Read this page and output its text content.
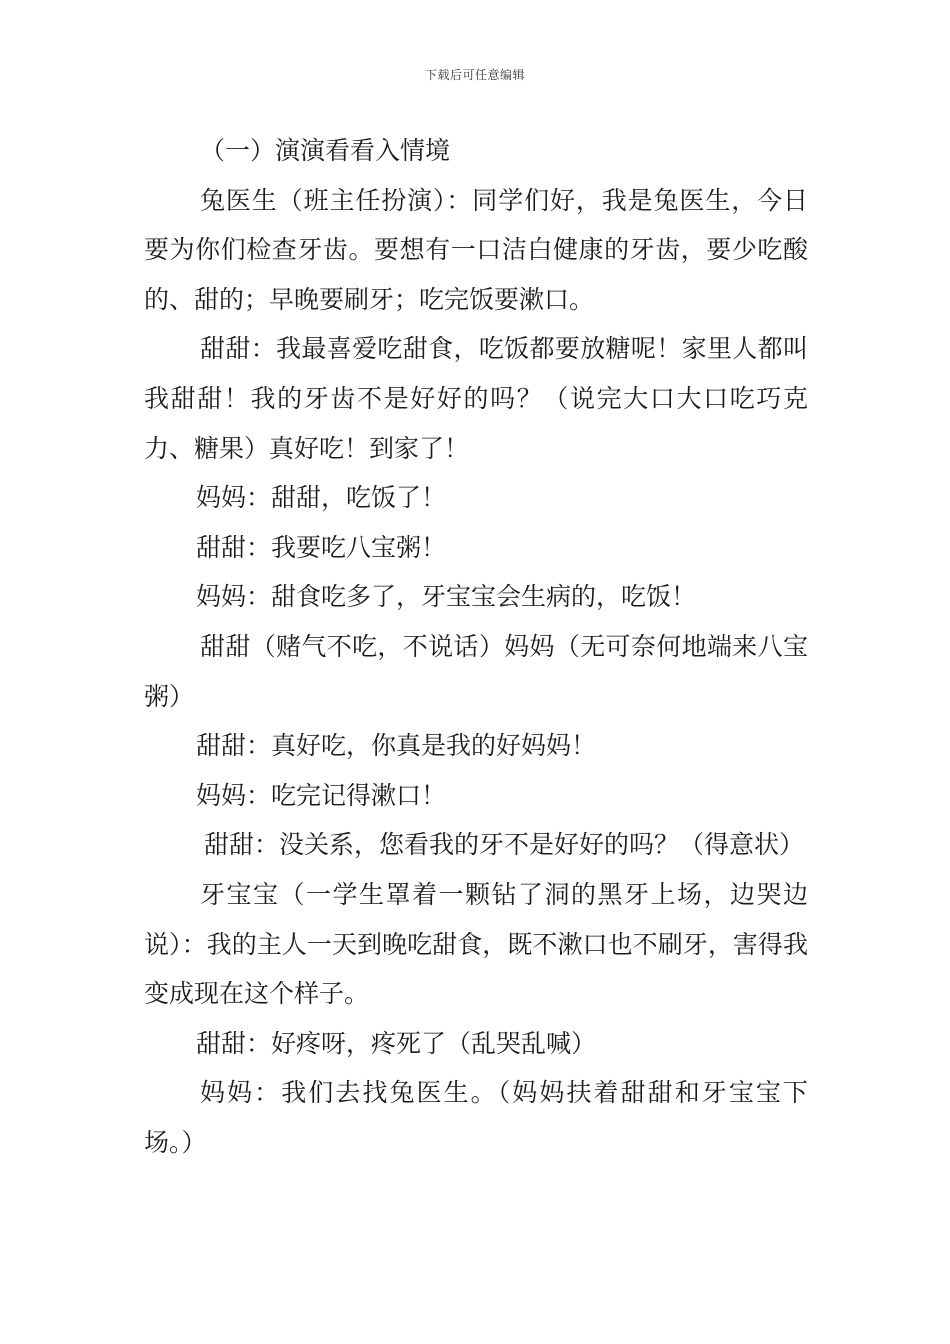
下载后可任意编辑

（一）演演看看入情境

兔医生（班主任扮演）：同学们好，我是兔医生，今日要为你们检查牙齿。要想有一口洁白健康的牙齿，要少吃酸的、甜的；早晚要刷牙；吃完饭要漱口。

甜甜：我最喜爱吃甜食，吃饭都要放糖呢！家里人都叫我甜甜！我的牙齿不是好好的吗？（说完大口大口吃巧克力、糖果）真好吃！到家了！

妈妈：甜甜，吃饭了！

甜甜：我要吃八宝粥！

妈妈：甜食吃多了，牙宝宝会生病的，吃饭！

甜甜（赌气不吃，不说话）妈妈（无可奈何地端来八宝粥）

甜甜：真好吃，你真是我的好妈妈！

妈妈：吃完记得漱口！

甜甜：没关系，您看我的牙不是好好的吗？（得意状）

牙宝宝（一学生罩着一颗钻了洞的黑牙上场，边哭边说）：我的主人一天到晚吃甜食，既不漱口也不刷牙，害得我变成现在这个样子。

甜甜：好疼呀，疼死了（乱哭乱喊）

妈妈：我们去找兔医生。（妈妈扶着甜甜和牙宝宝下场。）
